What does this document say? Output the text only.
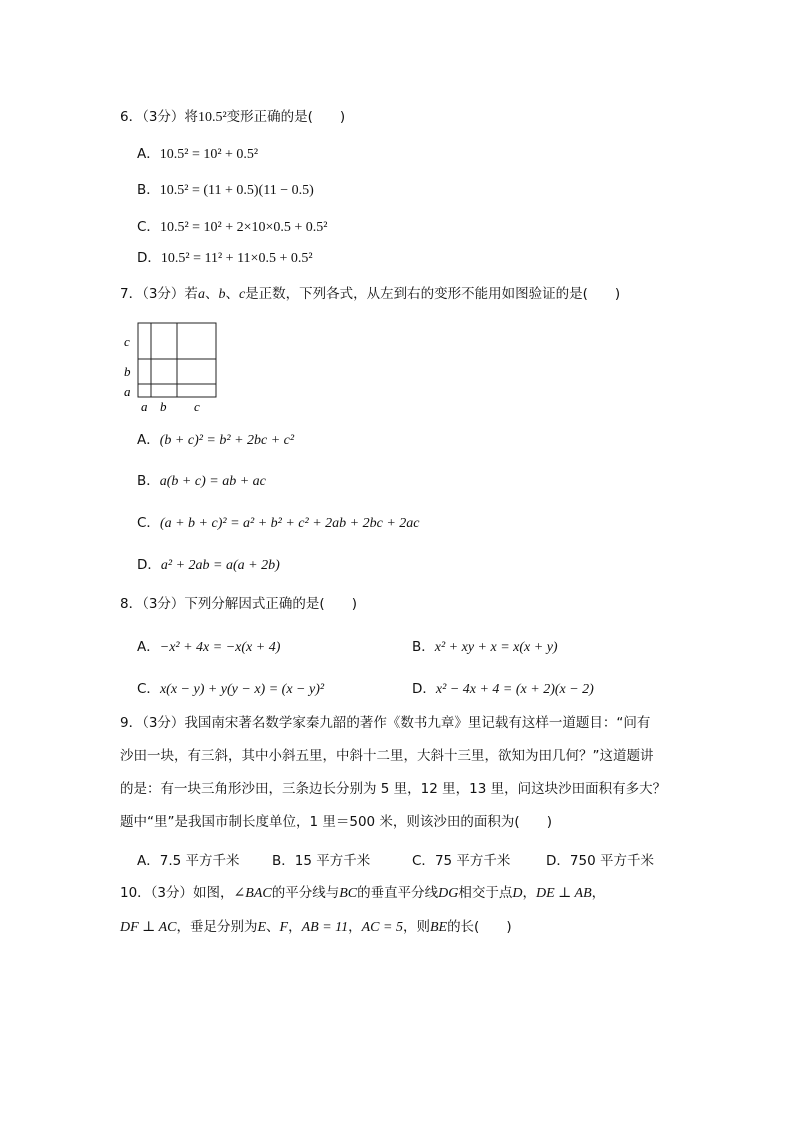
6．（3分）将10.5²变形正确的是(　　)
A．10.5² = 10² + 0.5²
B．10.5² = (11 + 0.5)(11 − 0.5)
C．10.5² = 10² + 2×10×0.5 + 0.5²
D．10.5² = 11² + 11×0.5 + 0.5²
7．（3分）若a、b、c是正数，下列各式，从左到右的变形不能用如图验证的是(　　)
c
b
a
a b c
A．(b + c)² = b² + 2bc + c²
B．a(b + c) = ab + ac
C．(a + b + c)² = a² + b² + c² + 2ab + 2bc + 2ac
D．a² + 2ab = a(a + 2b)
8．（3分）下列分解因式正确的是(　　)
A．−x² + 4x = −x(x + 4)	B．x² + xy + x = x(x + y)
C．x(x − y) + y(y − x) = (x − y)²	D．x² − 4x + 4 = (x + 2)(x − 2)
9．（3分）我国南宋著名数学家秦九韶的著作《数书九章》里记载有这样一道题目：“问有
沙田一块，有三斜，其中小斜五里，中斜十二里，大斜十三里，欲知为田几何？”这道题讲
的是：有一块三角形沙田，三条边长分别为 5 里，12 里，13 里，问这块沙田面积有多大？
题中“里”是我国市制长度单位，1 里＝500 米，则该沙田的面积为(　　)
A．7.5 平方千米 B．15 平方千米	C．75 平方千米	D．750 平方千米
10．（3分）如图，∠BAC的平分线与BC的垂直平分线DG相交于点D，DE ⊥ AB，
DF ⊥ AC，垂足分别为E、F，AB = 11，AC = 5，则BE的长(　　)
